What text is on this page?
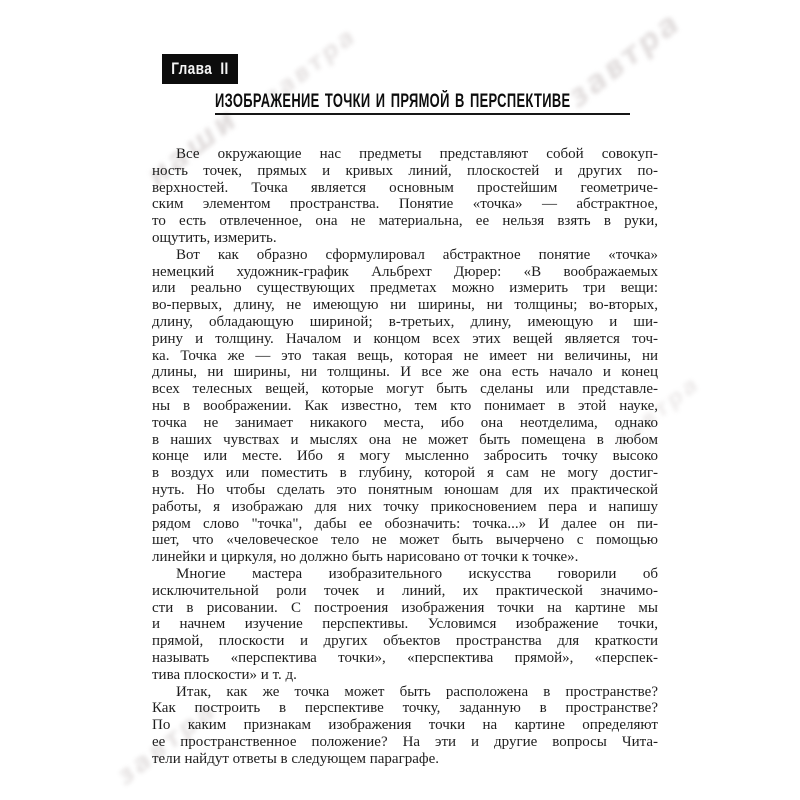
наши
завтра	завтра
завтра
завтра
Глава II
ИЗОБРАЖЕНИЕ ТОЧКИ И ПРЯМОЙ В ПЕРСПЕКТИВЕ
Все окружающие нас предметы представляют собой совокуп-
ность точек, прямых и кривых линий, плоскостей и других по-
верхностей. Точка является основным простейшим геометриче-
ским элементом пространства. Понятие «точка» — абстрактное,
то есть отвлеченное, она не материальна, ее нельзя взять в руки,
ощутить, измерить.
Вот как образно сформулировал абстрактное понятие «точка»
немецкий художник-график Альбрехт Дюрер: «В воображаемых
или реально существующих предметах можно измерить три вещи:
во-первых, длину, не имеющую ни ширины, ни толщины; во-вторых,
длину, обладающую шириной; в-третьих, длину, имеющую и ши-
рину и толщину. Началом и концом всех этих вещей является точ-
ка. Точка же — это такая вещь, которая не имеет ни величины, ни
длины, ни ширины, ни толщины. И все же она есть начало и конец
всех телесных вещей, которые могут быть сделаны или представле-
ны в воображении. Как известно, тем кто понимает в этой науке,
точка не занимает никакого места, ибо она неотделима, однако
в наших чувствах и мыслях она не может быть помещена в любом
конце или месте. Ибо я могу мысленно забросить точку высоко
в воздух или поместить в глубину, которой я сам не могу достиг-
нуть. Но чтобы сделать это понятным юношам для их практической
работы, я изображаю для них точку прикосновением пера и напишу
рядом слово "точка", дабы ее обозначить: точка...» И далее он пи-
шет, что «человеческое тело не может быть вычерчено с помощью
линейки и циркуля, но должно быть нарисовано от точки к точке».
Многие мастера изобразительного искусства говорили об
исключительной роли точек и линий, их практической значимо-
сти в рисовании. С построения изображения точки на картине мы
и начнем изучение перспективы. Условимся изображение точки,
прямой, плоскости и других объектов пространства для краткости
называть «перспектива точки», «перспектива прямой», «перспек-
тива плоскости» и т. д.
Итак, как же точка может быть расположена в пространстве?
Как построить в перспективе точку, заданную в пространстве?
По каким признакам изображения точки на картине определяют
ее пространственное положение? На эти и другие вопросы Чита-
тели найдут ответы в следующем параграфе.
